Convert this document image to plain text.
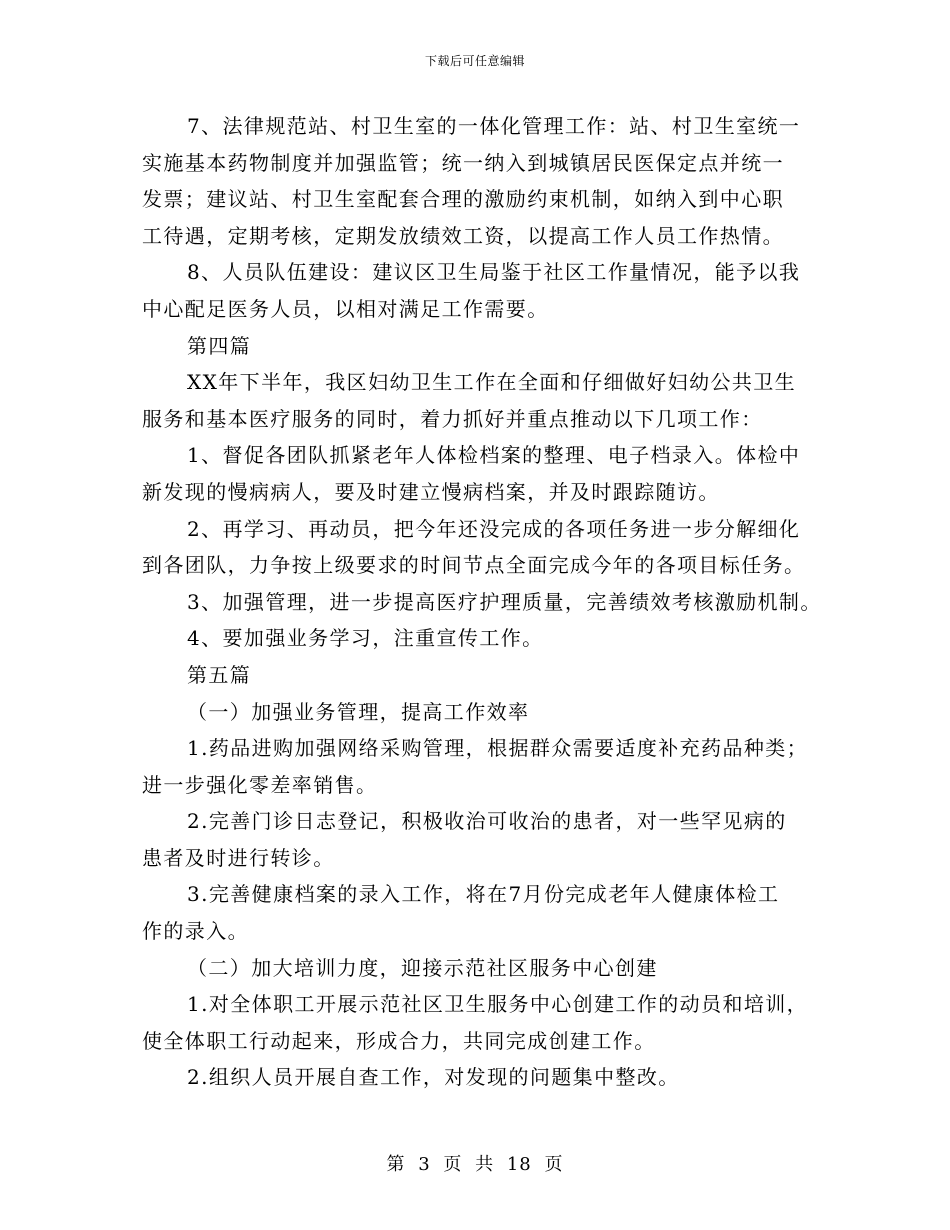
下载后可任意编辑

7、法律规范站、村卫生室的一体化管理工作：站、村卫生室统一

实施基本药物制度并加强监管；统一纳入到城镇居民医保定点并统一

发票；建议站、村卫生室配套合理的激励约束机制，如纳入到中心职

工待遇，定期考核，定期发放绩效工资，以提高工作人员工作热情。

8、人员队伍建设：建议区卫生局鉴于社区工作量情况，能予以我

中心配足医务人员，以相对满足工作需要。

第四篇

XX年下半年，我区妇幼卫生工作在全面和仔细做好妇幼公共卫生

服务和基本医疗服务的同时，着力抓好并重点推动以下几项工作：

1、督促各团队抓紧老年人体检档案的整理、电子档录入。体检中

新发现的慢病病人，要及时建立慢病档案，并及时跟踪随访。

2、再学习、再动员，把今年还没完成的各项任务进一步分解细化

到各团队，力争按上级要求的时间节点全面完成今年的各项目标任务。

3、加强管理，进一步提高医疗护理质量，完善绩效考核激励机制。

4、要加强业务学习，注重宣传工作。

第五篇

（一）加强业务管理，提高工作效率

1.药品进购加强网络采购管理，根据群众需要适度补充药品种类；

进一步强化零差率销售。

2.完善门诊日志登记，积极收治可收治的患者，对一些罕见病的

患者及时进行转诊。

3.完善健康档案的录入工作，将在7月份完成老年人健康体检工

作的录入。

（二）加大培训力度，迎接示范社区服务中心创建

1.对全体职工开展示范社区卫生服务中心创建工作的动员和培训，

使全体职工行动起来，形成合力，共同完成创建工作。

2.组织人员开展自查工作，对发现的问题集中整改。

第 3 页 共 18 页
